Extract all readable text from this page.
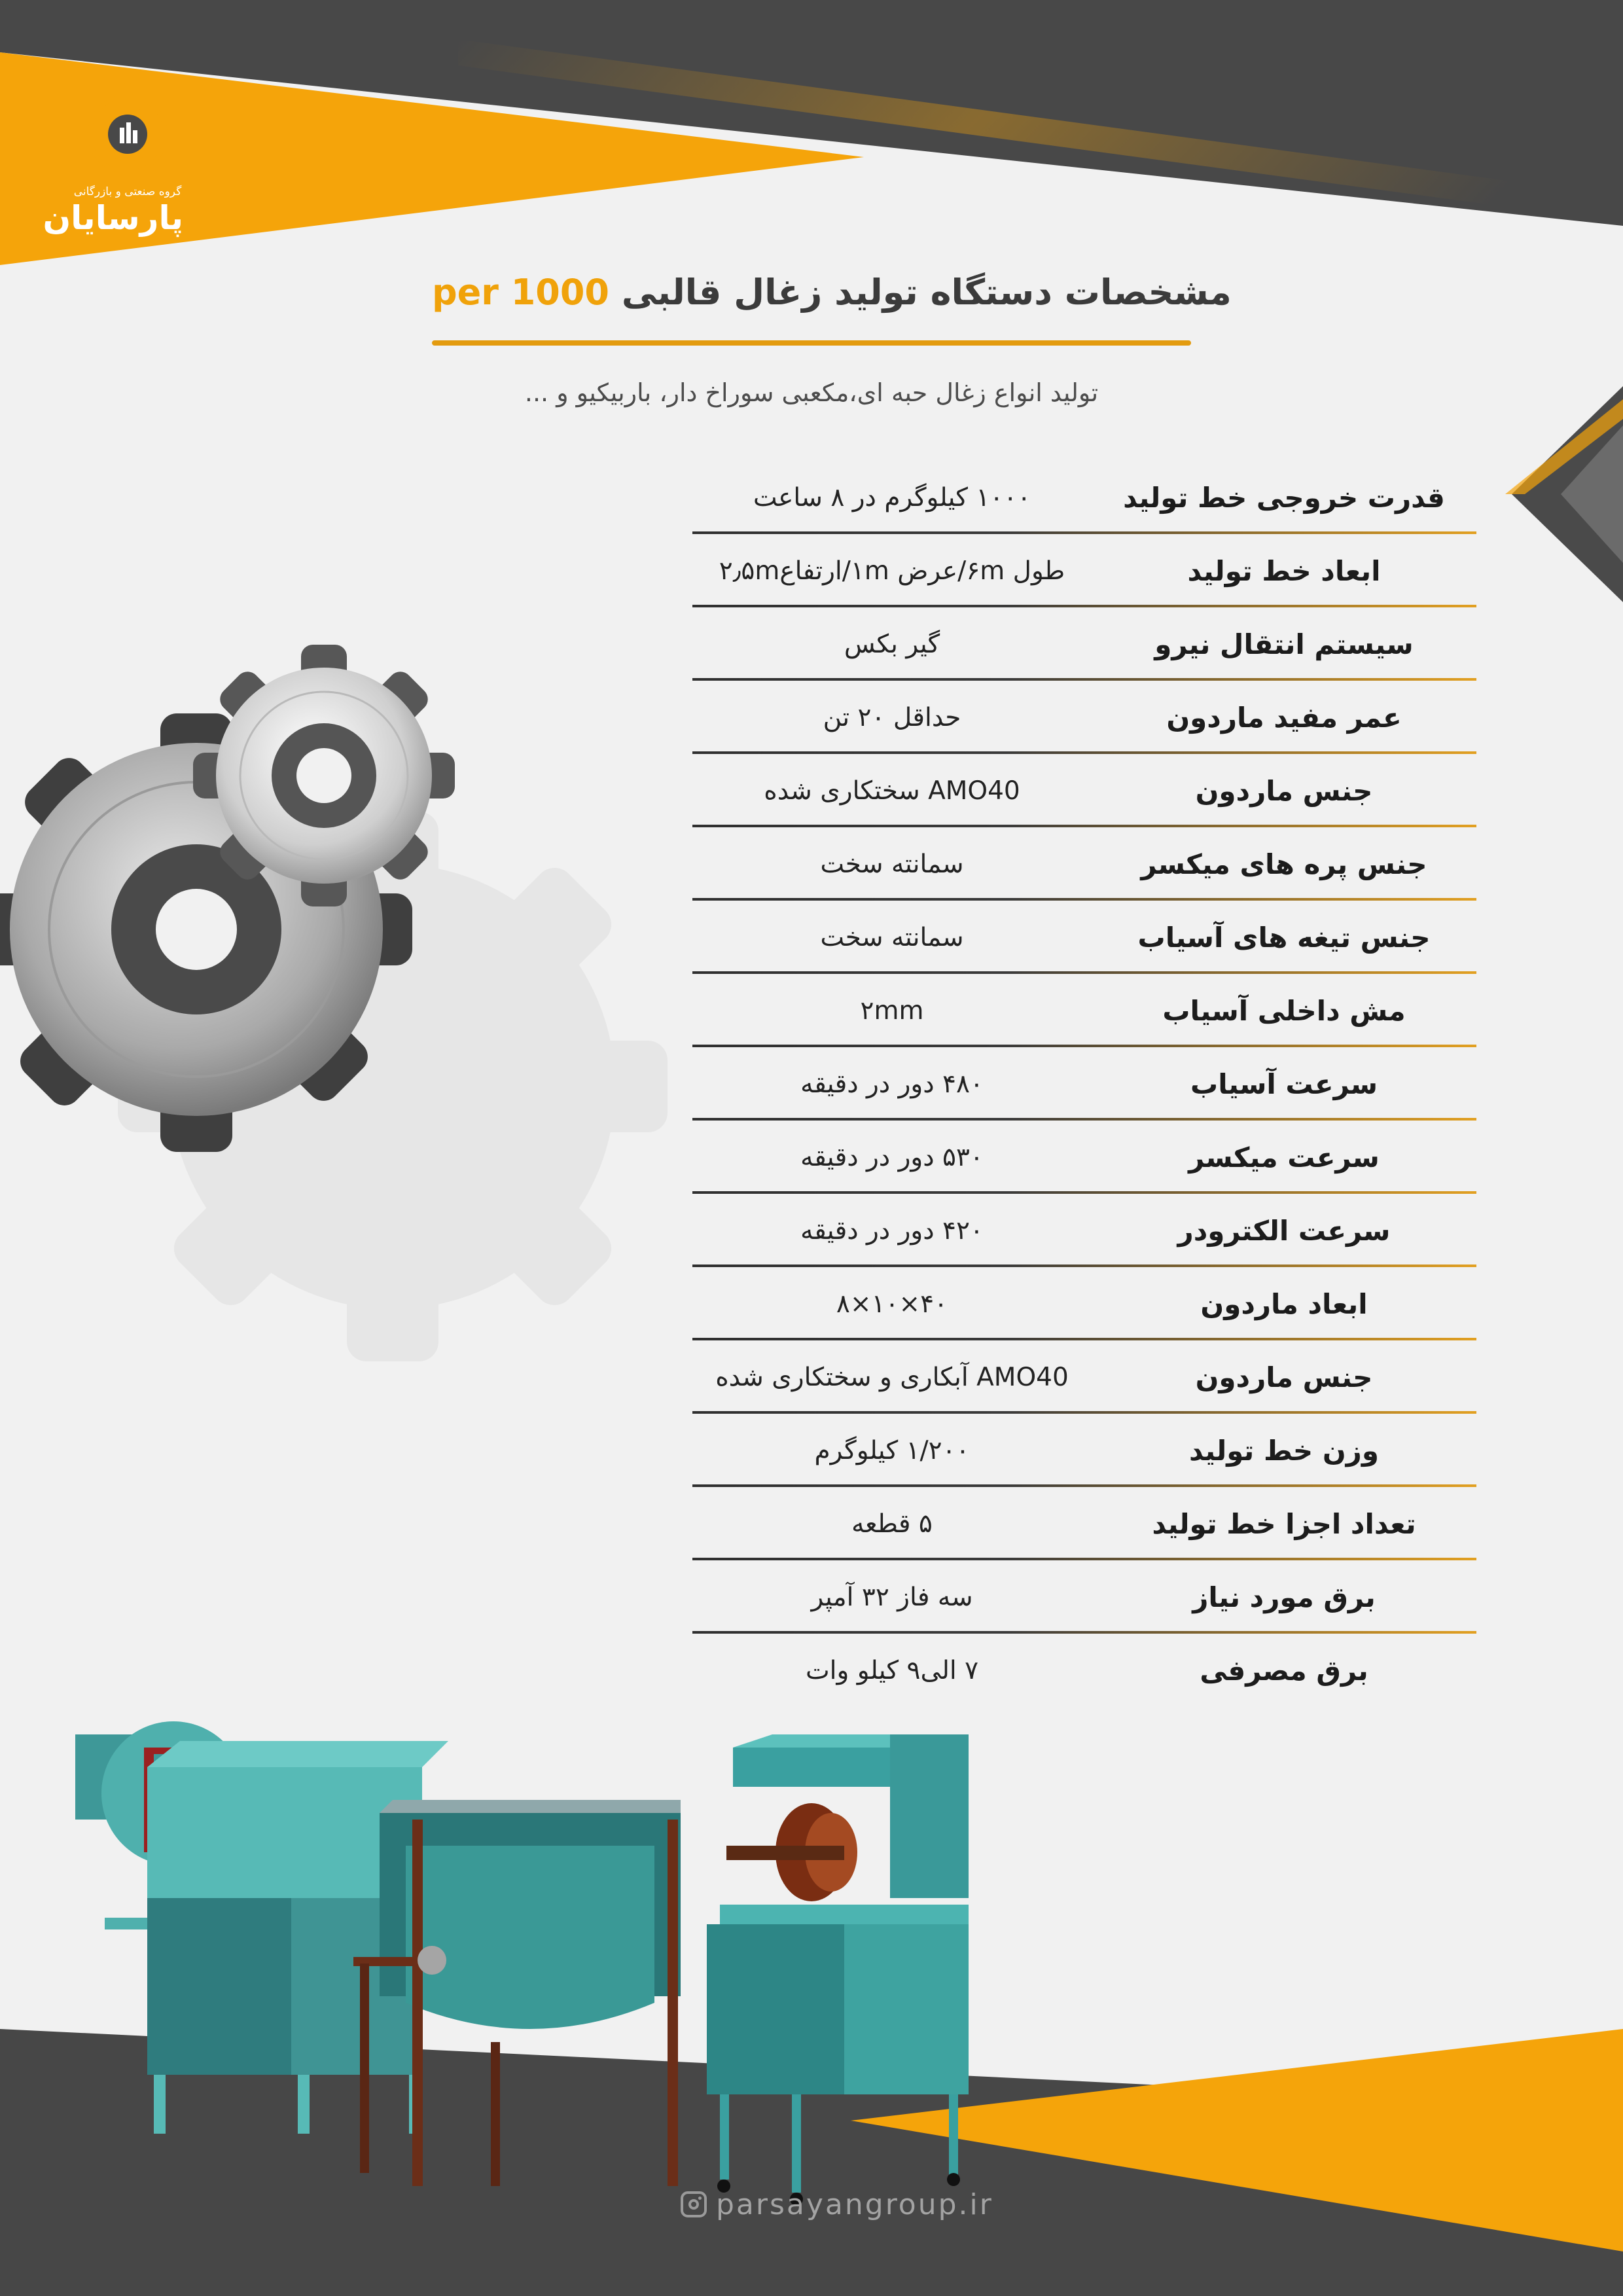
گروه صنعتی و بازرگانی
پارسایان
مشخصات دستگاه تولید زغال قالبی per 1000
تولید انواع زغال حبه ای،مکعبی سوراخ دار، باربیکیو و ...
۱۰۰۰ کیلوگرم در ۸ ساعت	قدرت خروجی خط تولید
طول ۶m/عرض ۱m/ارتفاع۲٫۵m	ابعاد خط تولید
گیر بکس	سیستم انتقال نیرو
حداقل ۲۰ تن	عمر مفید ماردون
AMO40 سختکاری شده	جنس ماردون
سمانته سخت	جنس پره های میکسر
سمانته سخت	جنس تیغه های آسیاب
۲mm	مش داخلی آسیاب
۴۸۰ دور در دقیقه	سرعت آسیاب
۵۳۰ دور در دقیقه	سرعت میکسر
۴۲۰ دور در دقیقه	سرعت الکترودر
۴۰×۱۰×۸	ابعاد ماردون
AMO40 آبکاری و سختکاری شده	جنس ماردون
۱/۲۰۰ کیلوگرم	وزن خط تولید
۵ قطعه	تعداد اجزا خط تولید
سه فاز ۳۲ آمپر	برق مورد نیاز
۷ الی۹ کیلو وات	برق مصرفی
parsayangroup.ir
